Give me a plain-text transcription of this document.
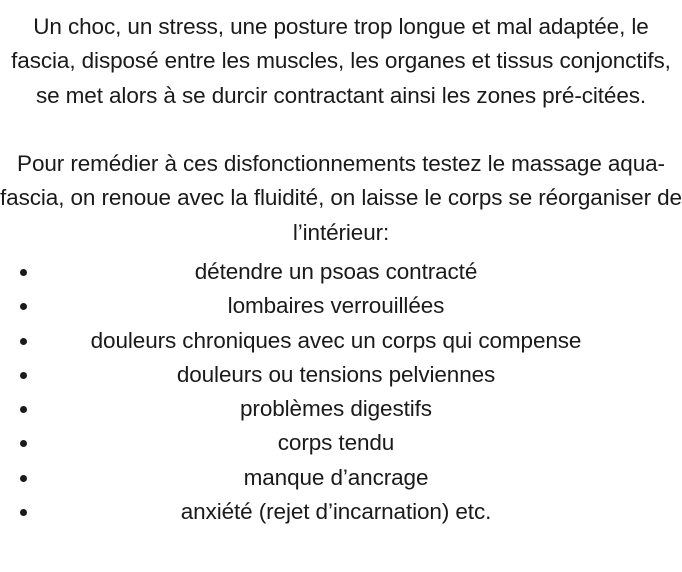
Un choc, un stress, une posture trop longue et mal adaptée, le fascia, disposé entre les muscles, les organes et tissus conjonctifs, se met alors à se durcir contractant ainsi les zones pré-citées.

Pour remédier à ces disfonctionnements testez le massage aqua-fascia, on renoue avec la fluidité, on laisse le corps se réorganiser de l’intérieur:

détendre un psoas contracté
lombaires verrouillées
douleurs chroniques avec un corps qui compense
douleurs ou tensions pelviennes
problèmes digestifs
corps tendu
manque d’ancrage
anxiété (rejet d’incarnation) etc.
